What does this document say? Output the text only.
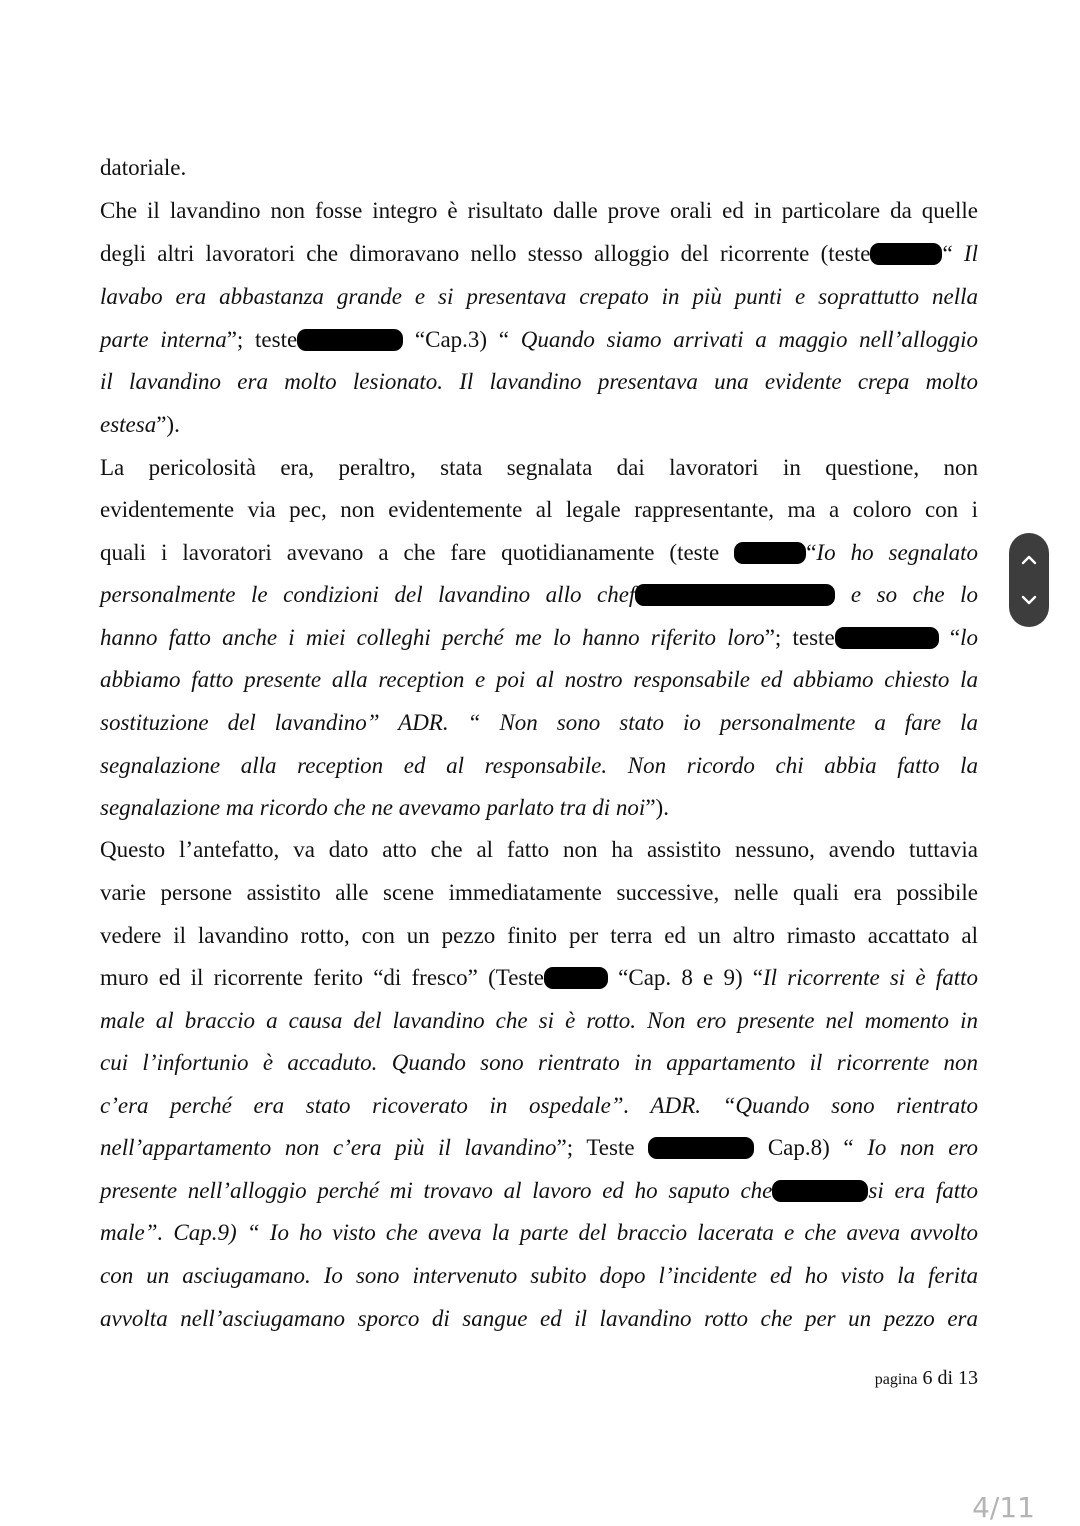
datoriale.
Che il lavandino non fosse integro è risultato dalle prove orali ed in particolare da quelle
degli altri lavoratori che dimoravano nello stesso alloggio del ricorrente (teste	“ Il
lavabo era abbastanza grande e si presentava crepato in più punti e soprattutto nella
parte interna”; teste	“Cap.3) “ Quando siamo arrivati a maggio nell’alloggio
il lavandino era molto lesionato. Il lavandino presentava una evidente crepa molto
estesa”).
La pericolosità era, peraltro, stata segnalata dai lavoratori in questione, non
evidentemente via pec, non evidentemente al legale rappresentante, ma a coloro con i
quali i lavoratori avevano a che fare quotidianamente (teste	“Io ho segnalato
personalmente le condizioni del lavandino allo chef	e so che lo
hanno fatto anche i miei colleghi perché me lo hanno riferito loro”; teste	“lo
abbiamo fatto presente alla reception e poi al nostro responsabile ed abbiamo chiesto la
sostituzione del lavandino” ADR. “ Non sono stato io personalmente a fare la
segnalazione alla reception ed al responsabile. Non ricordo chi abbia fatto la
segnalazione ma ricordo che ne avevamo parlato tra di noi”).
Questo l’antefatto, va dato atto che al fatto non ha assistito nessuno, avendo tuttavia
varie persone assistito alle scene immediatamente successive, nelle quali era possibile
vedere il lavandino rotto, con un pezzo finito per terra ed un altro rimasto accattato al
muro ed il ricorrente ferito “di fresco” (Teste	“Cap. 8 e 9) “Il ricorrente si è fatto
male al braccio a causa del lavandino che si è rotto. Non ero presente nel momento in
cui l’infortunio è accaduto. Quando sono rientrato in appartamento il ricorrente non
c’era perché era stato ricoverato in ospedale”. ADR. “Quando sono rientrato
nell’appartamento non c’era più il lavandino”; Teste	Cap.8) “ Io non ero
presente nell’alloggio perché mi trovavo al lavoro ed ho saputo che	si era fatto
male”. Cap.9) “ Io ho visto che aveva la parte del braccio lacerata e che aveva avvolto
con un asciugamano. Io sono intervenuto subito dopo l’incidente ed ho visto la ferita
avvolta nell’asciugamano sporco di sangue ed il lavandino rotto che per un pezzo era
pagina 6 di 13
4/11
